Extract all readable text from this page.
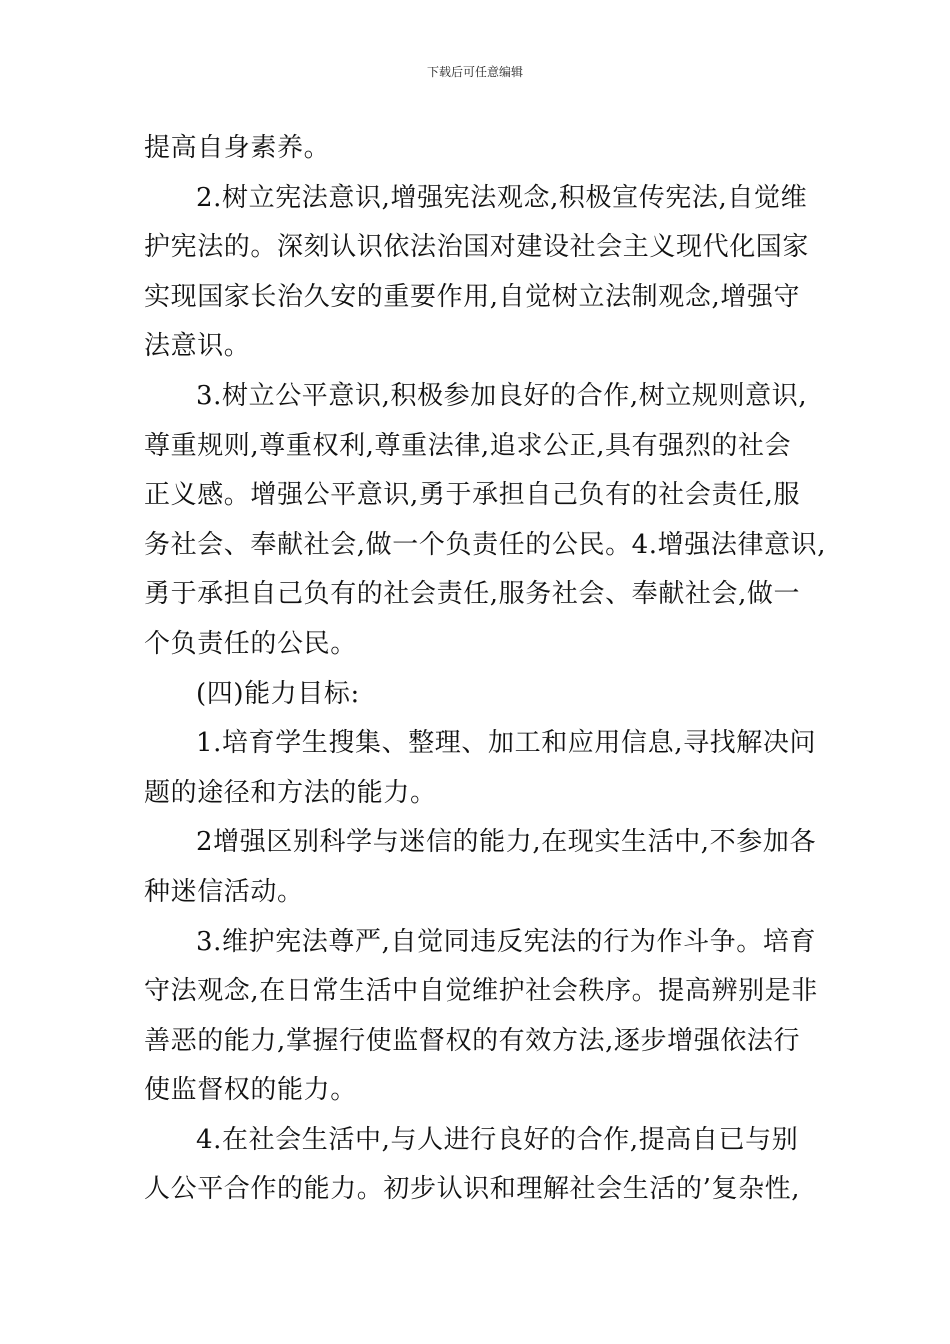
下载后可任意编辑

提高自身素养。

2.树立宪法意识,增强宪法观念,积极宣传宪法,自觉维
护宪法的。深刻认识依法治国对建设社会主义现代化国家
实现国家长治久安的重要作用,自觉树立法制观念,增强守
法意识。

3.树立公平意识,积极参加良好的合作,树立规则意识,
尊重规则,尊重权利,尊重法律,追求公正,具有强烈的社会
正义感。增强公平意识,勇于承担自己负有的社会责任,服
务社会、奉献社会,做一个负责任的公民。4.增强法律意识,
勇于承担自己负有的社会责任,服务社会、奉献社会,做一
个负责任的公民。

(四)能力目标:

1.培育学生搜集、整理、加工和应用信息,寻找解决问
题的途径和方法的能力。

2增强区别科学与迷信的能力,在现实生活中,不参加各
种迷信活动。

3.维护宪法尊严,自觉同违反宪法的行为作斗争。培育
守法观念,在日常生活中自觉维护社会秩序。提高辨别是非
善恶的能力,掌握行使监督权的有效方法,逐步增强依法行
使监督权的能力。

4.在社会生活中,与人进行良好的合作,提高自已与别
人公平合作的能力。初步认识和理解社会生活的’复杂性,
